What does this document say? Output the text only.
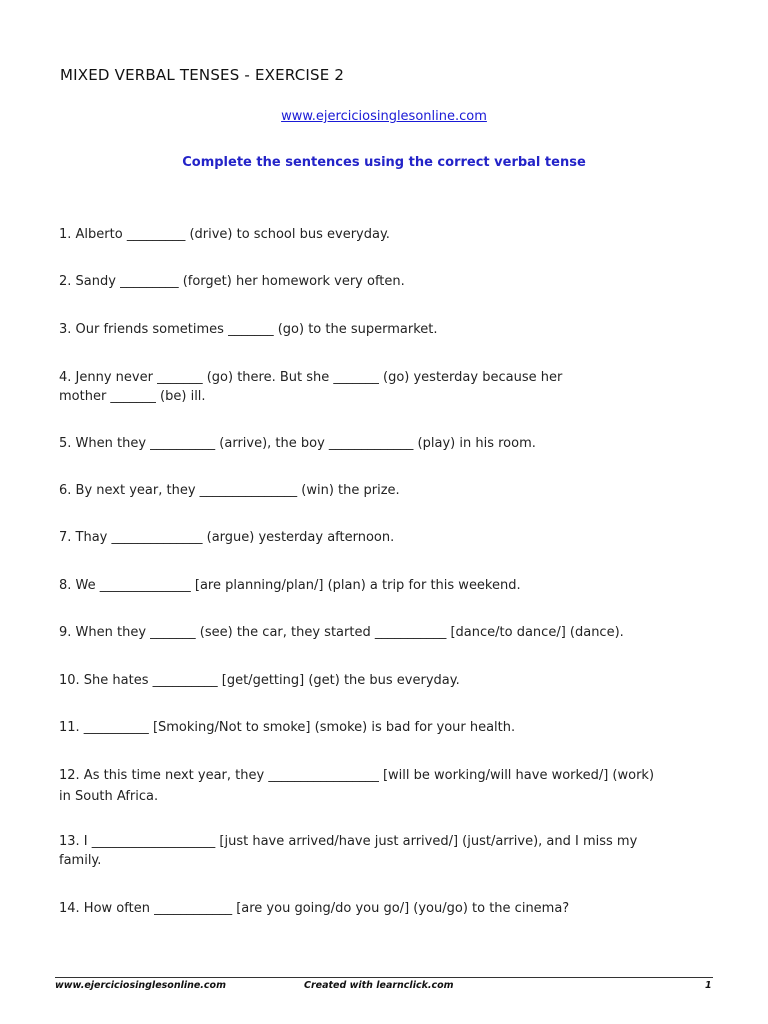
MIXED VERBAL TENSES - EXERCISE 2
www.ejerciciosinglesonline.com
Complete the sentences using the correct verbal tense
1. Alberto _________ (drive) to school bus everyday.
2. Sandy _________ (forget) her homework very often.
3. Our friends sometimes _______ (go) to the supermarket.
4. Jenny never _______ (go) there. But she _______ (go) yesterday because her
mother _______ (be) ill.
5. When they __________ (arrive), the boy _____________ (play) in his room.
6. By next year, they _______________ (win) the prize.
7. Thay ______________ (argue) yesterday afternoon.
8. We ______________ [are planning/plan/] (plan) a trip for this weekend.
9. When they _______ (see) the car, they started ___________ [dance/to dance/] (dance).
10. She hates __________ [get/getting] (get) the bus everyday.
11. __________ [Smoking/Not to smoke] (smoke) is bad for your health.
12. As this time next year, they _________________ [will be working/will have worked/] (work)
in South Africa.
13. I ___________________ [just have arrived/have just arrived/] (just/arrive), and I miss my
family.
14. How often ____________ [are you going/do you go/] (you/go) to the cinema?
www.ejerciciosinglesonline.com	Created with learnclick.com	1
